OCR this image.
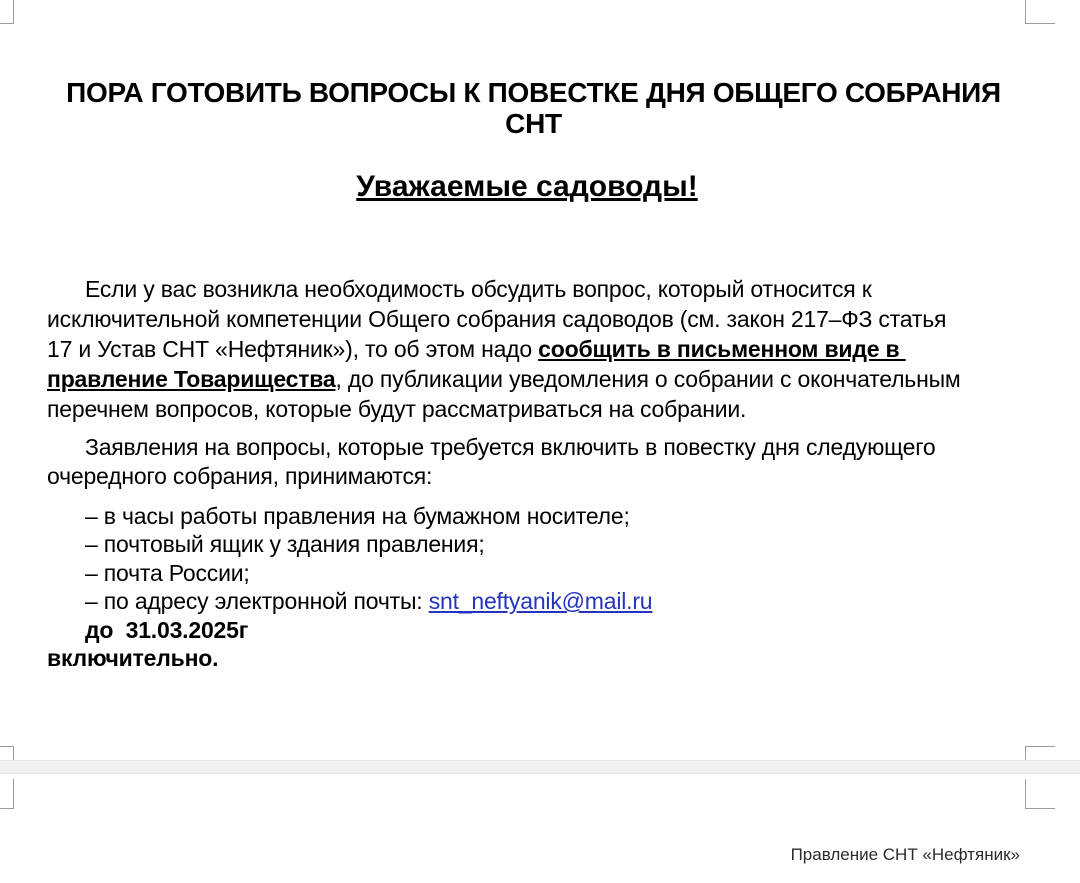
ПОРА ГОТОВИТЬ ВОПРОСЫ К ПОВЕСТКЕ ДНЯ ОБЩЕГО СОБРАНИЯ
СНТ
Уважаемые садоводы!
Если у вас возникла необходимость обсудить вопрос, который относится к
исключительной компетенции Общего собрания садоводов (см. закон 217–ФЗ статья
17 и Устав СНТ «Нефтяник»), то об этом надо сообщить в письменном виде в
правление Товарищества, до публикации уведомления о собрании с окончательным
перечнем вопросов, которые будут рассматриваться на собрании.
Заявления на вопросы, которые требуется включить в повестку дня следующего
очередного собрания, принимаются:
– в часы работы правления на бумажном носителе;
– почтовый ящик у здания правления;
– почта России;
– по адресу электронной почты: snt_neftyanik@mail.ru
до  31.03.2025г
включительно.
Правление СНТ «Нефтяник»
